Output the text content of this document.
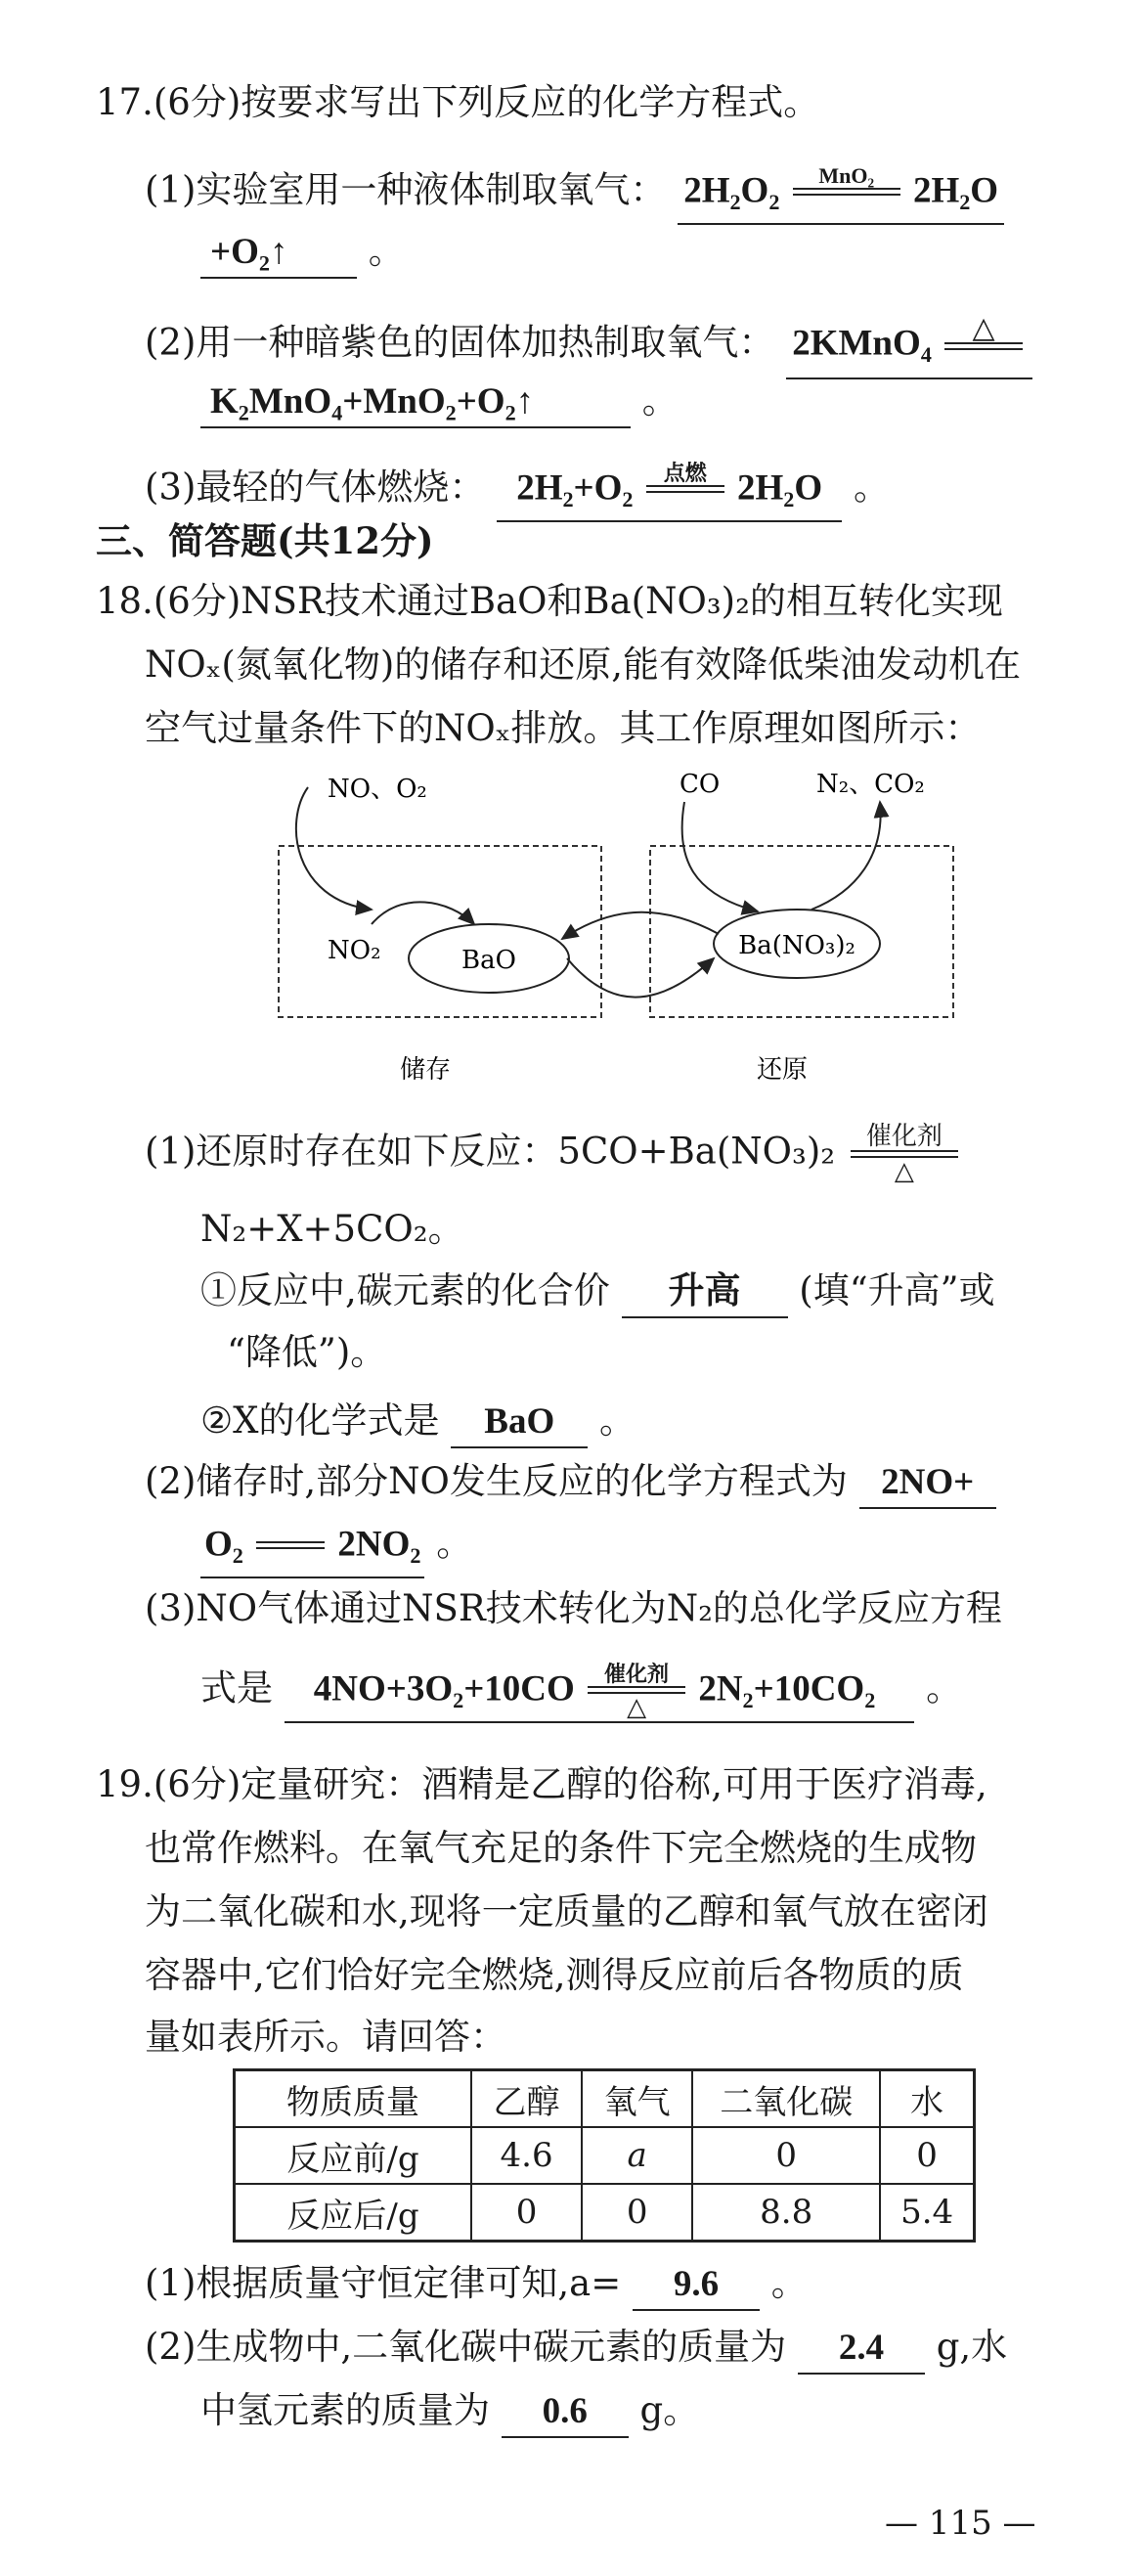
17.(6分)按要求写出下列反应的化学方程式。
(1)实验室用一种液体制取氧气： 2H₂O₂	MnO₂
	2H₂O
+O₂↑ 。
(2)用一种暗紫色的固体加热制取氧气： 2KMnO₄	△

K₂MnO₄+MnO₂+O₂↑	。
(3)最轻的气体燃烧： 2H₂+O₂	点燃
2H₂O 。
三、简答题(共12分)
18.(6分)NSR技术通过BaO和Ba(NO₃)₂的相互转化实现
NOₓ(氮氧化物)的储存和还原,能有效降低柴油发动机在
空气过量条件下的NOₓ排放。其工作原理如图所示：
BaO	Ba(NO₃)₂
NO、O₂
NO₂
CO	N₂、CO₂
储存	还原
(1)还原时存在如下反应：5CO+Ba(NO₃)₂	催化剂
△
N₂+X+5CO₂。
①反应中,碳元素的化合价 升高 (填“升高”或
“降低”)。
②X的化学式是 BaO 。
(2)储存时,部分NO发生反应的化学方程式为 2NO+
O₂

	2NO₂ 。
(3)NO气体通过NSR技术转化为N₂的总化学反应方程
式是 4NO+3O₂+10CO	催化剂
△	2N₂+10CO₂ 。
19.(6分)定量研究：酒精是乙醇的俗称,可用于医疗消毒,
也常作燃料。在氧气充足的条件下完全燃烧的生成物
为二氧化碳和水,现将一定质量的乙醇和氧气放在密闭
容器中,它们恰好完全燃烧,测得反应前后各物质的质
量如表所示。请回答：
物质质量	乙醇	氧气	二氧化碳	水
反应前/g	4.6	a	0	0
反应后/g	0	0	8.8	5.4
(1)根据质量守恒定律可知,a= 9.6 。
(2)生成物中,二氧化碳中碳元素的质量为 2.4 g,水
中氢元素的质量为 0.6 g。
— 115 —
